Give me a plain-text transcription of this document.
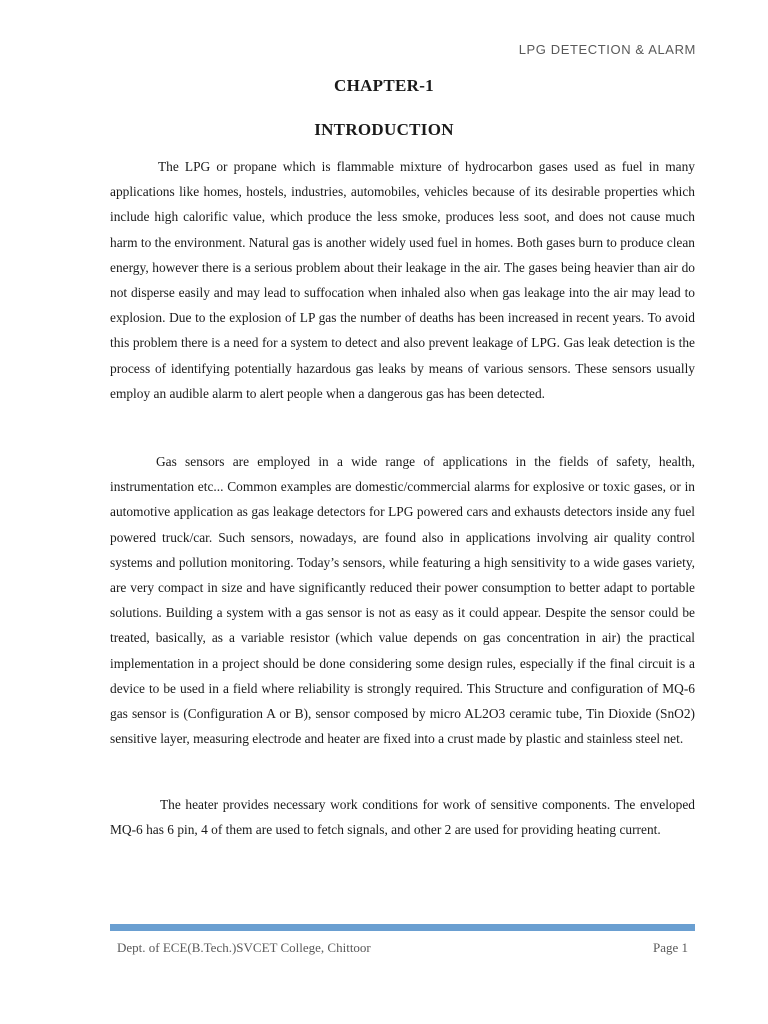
LPG DETECTION & ALARM
CHAPTER-1
INTRODUCTION

The LPG or propane which is flammable mixture of hydrocarbon gases used as fuel in many applications like homes, hostels, industries, automobiles, vehicles because of its desirable properties which include high calorific value, which produce the less smoke, produces less soot, and does not cause much harm to the environment. Natural gas is another widely used fuel in homes. Both gases burn to produce clean energy, however there is a serious problem about their leakage in the air. The gases being heavier than air do not disperse easily and may lead to suffocation when inhaled also when gas leakage into the air may lead to explosion. Due to the explosion of LP gas the number of deaths has been increased in recent years. To avoid this problem there is a need for a system to detect and also prevent leakage of LPG. Gas leak detection is the process of identifying potentially hazardous gas leaks by means of various sensors. These sensors usually employ an audible alarm to alert people when a dangerous gas has been detected.

Gas sensors are employed in a wide range of applications in the fields of safety, health, instrumentation etc... Common examples are domestic/commercial alarms for explosive or toxic gases, or in automotive application as gas leakage detectors for LPG powered cars and exhausts detectors inside any fuel powered truck/car. Such sensors, nowadays, are found also in applications involving air quality control systems and pollution monitoring. Today’s sensors, while featuring a high sensitivity to a wide gases variety, are very compact in size and have significantly reduced their power consumption to better adapt to portable solutions. Building a system with a gas sensor is not as easy as it could appear. Despite the sensor could be treated, basically, as a variable resistor (which value depends on gas concentration in air) the practical implementation in a project should be done considering some design rules, especially if the final circuit is a device to be used in a field where reliability is strongly required. This Structure and configuration of MQ-6 gas sensor is (Configuration A or B), sensor composed by micro AL2O3 ceramic tube, Tin Dioxide (SnO2) sensitive layer, measuring electrode and heater are fixed into a crust made by plastic and stainless steel net.

The heater provides necessary work conditions for work of sensitive components. The enveloped MQ-6 has 6 pin, 4 of them are used to fetch signals, and other 2 are used for providing heating current.

Dept. of ECE(B.Tech.)SVCET College, Chittoor	Page 1
